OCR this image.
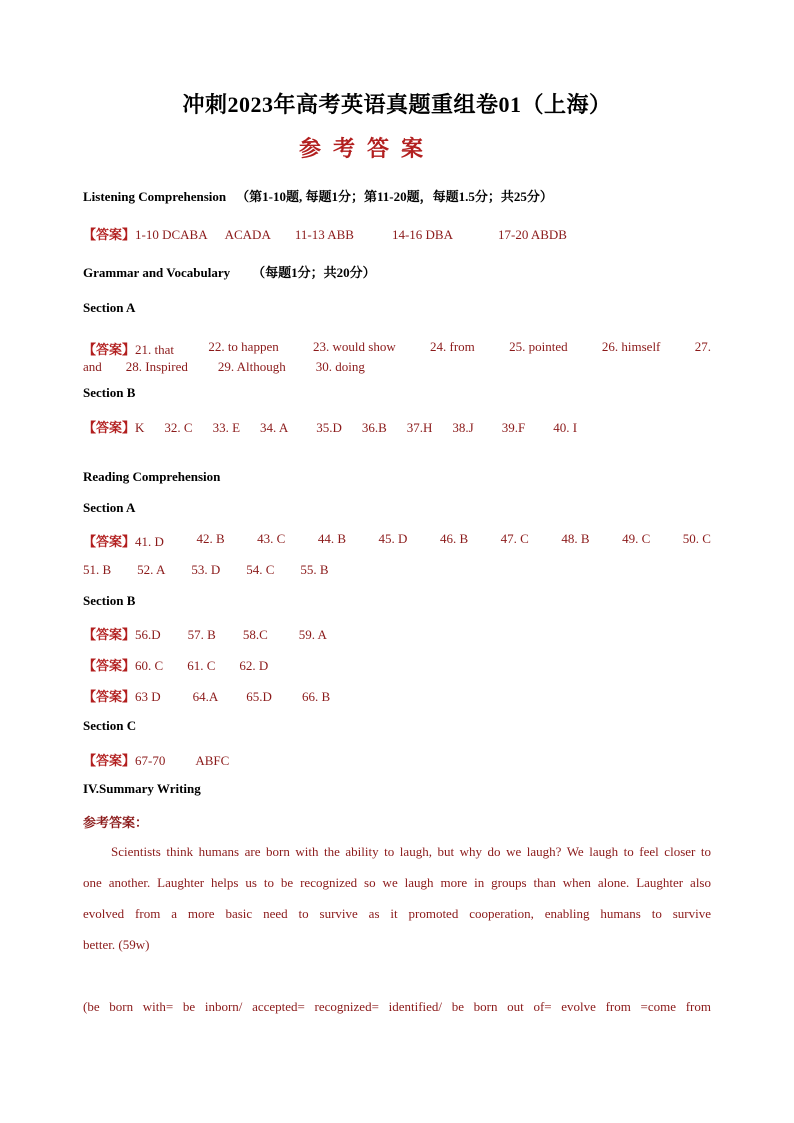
冲刺2023年高考英语真题重组卷01（上海）
参考答案
Listening Comprehension （第1-10题, 每题1分；第11-20题，每题1.5分；共25分）
【答案】1-10 DCABA ACADA 11-13 ABB	14-16 DBA	17-20 ABDB
Grammar and Vocabulary （每题1分；共20分）
Section A
【答案】21. that	22. to happen	23. would show	24. from	25. pointed	26. himself	27.
and 28. Inspired 29. Although 30. doing
Section B
【答案】K 32. C 33. E 34. A 35.D 36.B 37.H 38.J 39.F 40. I
Reading Comprehension
Section A
【答案】41. D	42. B	43. C	44. B	45. D	46. B	47. C	48. B	49. C	50. C
51. B 52. A 53. D 54. C 55. B
Section B
【答案】56.D 57. B 58.C 59. A
【答案】60. C 61. C 62. D
【答案】63 D 64.A 65.D 66. B
Section C
【答案】67-70 ABFC
IV.Summary Writing
参考答案：
Scientists think humans are born with the ability to laugh, but why do we laugh? We laugh to feel closer to
one another. Laughter helps us to be recognized so we laugh more in groups than when alone. Laughter also
evolved from a more basic need to survive as it promoted cooperation, enabling humans to survive
better. (59w)
(be born with= be inborn/ accepted= recognized= identified/ be born out of= evolve from =come from
